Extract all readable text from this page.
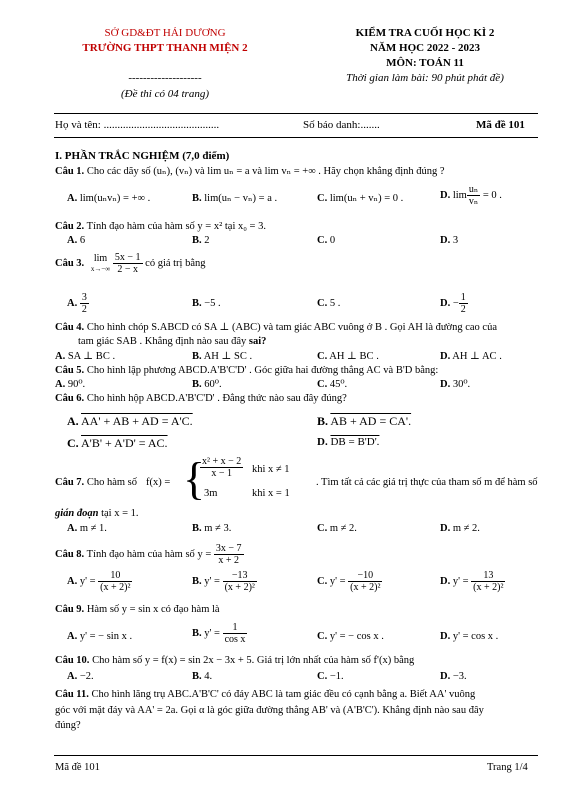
SỞ GD&ĐT HẢI DƯƠNG
TRƯỜNG THPT THANH MIỆN 2
--------------------
(Đề thi có 04 trang)
KIỂM TRA CUỐI HỌC KÌ 2
NĂM HỌC 2022 - 2023
MÔN: TOÁN 11
Thời gian làm bài: 90 phút phát đề)
Họ và tên: ..........................................	Số báo danh:.......	Mã đề 101
I. PHẦN TRẮC NGHIỆM (7,0 điểm)
Câu 1. Cho các dãy số (uₙ), (vₙ) và lim uₙ = a và lim vₙ = +∞ . Hãy chọn khẳng định đúng ?
A. lim(uₙvₙ) = +∞ .	B. lim(uₙ − vₙ) = a .	C. lim(uₙ + vₙ) = 0 .	D. $\lim \frac{\text{uₙ}}{\text{vₙ}} = 0$ .
Câu 2. Tính đạo hàm của hàm số y = x² tại x₀ = 3.
A. 6	B. 2	C. 0	D. 3
Câu 3. lim
x→−∞
$\frac{5x - 1}{2 - x}$ có giá trị bằng
A. $\frac{3}{2}$	B. −5 .	C. 5 .	D. − $\frac{1}{2}$
Câu 4. Cho hình chóp S.ABCD có SA ⊥ (ABC) và tam giác ABC vuông ở B . Gọi AH là đường cao của
tam giác SAB . Khẳng định nào sau đây sai?
A. SA ⊥ BC .	B. AH ⊥ SC .	C. AH ⊥ BC .	D. AH ⊥ AC .
Câu 5. Cho hình lập phương ABCD.A'B'C'D' . Góc giữa hai đường thẳng AC và B'D bằng:
A. 90⁰.	B. 60⁰.	C. 45⁰.	D. 30⁰.
Câu 6. Cho hình hộp ABCD.A'B'C'D' . Đẳng thức nào sau đây đúng?
A. AA' + AB + AD = A'C.	B. AB + AD = CA'.
C. A'B' + A'D' = AC.	D. DB = B'D'.
Câu 7. Cho hàm số f(x) = {
$\frac{\text{x² + x − 2}}{x - 1}$ khi x ≠ 1
3m	khi x = 1
. Tìm tất cả các giá trị thực của tham số m để hàm số
gián đoạn tại x = 1.
A. m ≠ 1.	B. m ≠ 3.	C. m ≠ 2.	D. m ≠ 2.
Câu 8. Tính đạo hàm của hàm số $y = \frac{3x - 7}{x + 2}$
A. $y' = \frac{10}{\text{(x + 2)²}}$	B. $y' = \frac{-13}{\text{(x + 2)²}}$	C. $y' = \frac{-10}{\text{(x + 2)²}}$	D. $y' = \frac{13}{\text{(x + 2)²}}$
Câu 9. Hàm số y = sin x có đạo hàm là
A. y' = − sin x .	B. $y' = \frac{1}{\text{cos x}}$	C. y' = − cos x .	D. y' = cos x .
Câu 10. Cho hàm số y = f(x) = sin 2x − 3x + 5. Giá trị lớn nhất của hàm số f'(x) bằng
A. −2.	B. 4.	C. −1.	D. −3.
Câu 11. Cho hình lăng trụ ABC.A'B'C' có đáy ABC là tam giác đều có cạnh bằng a. Biết AA' vuông
góc với mặt đáy và AA' = 2a. Gọi α là góc giữa đường thẳng AB' và (A'B'C'). Khẳng định nào sau đây
đúng?
Mã đề 101	Trang 1/4
